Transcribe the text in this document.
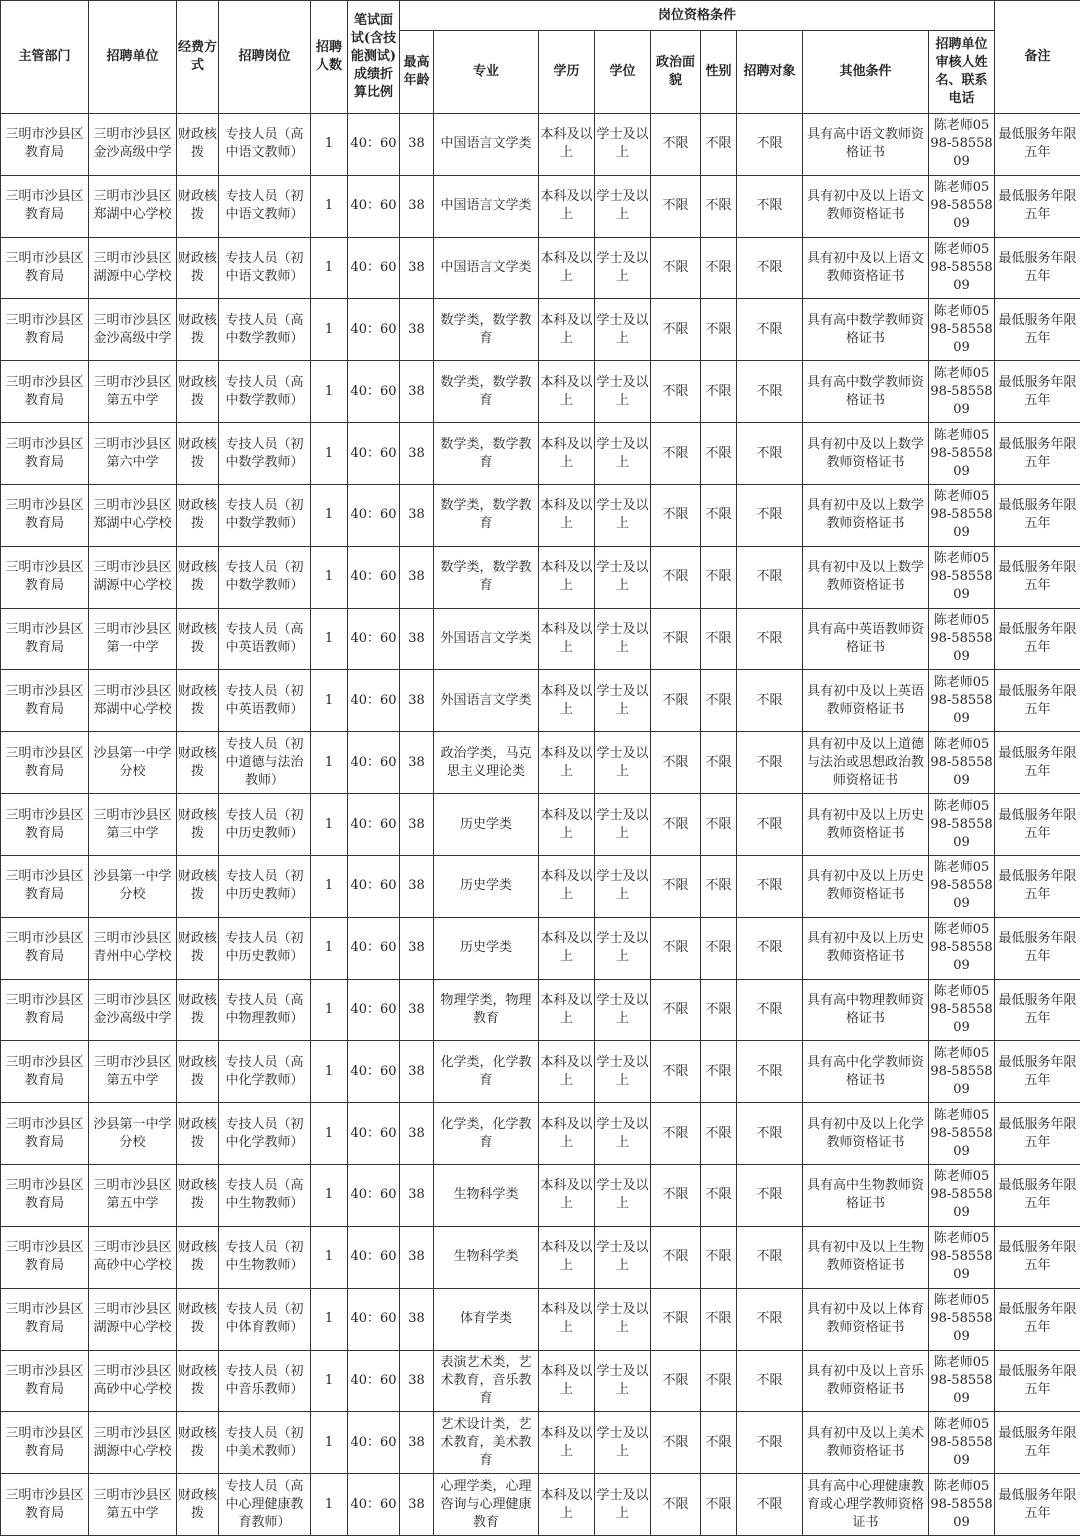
主管部门	招聘单位	经费方式	招聘岗位	招聘人数	笔试面试(含技能测试)成绩折算比例	岗位资格条件									备注
						最高年龄	专业	学历	学位	政治面貌	性别	招聘对象	其他条件	招聘单位审核人姓名、联系电话	
三明市沙县区教育局	三明市沙县区金沙高级中学	财政核拨	专技人员（高中语文教师）	1	40：60	38	中国语言文学类	本科及以上	学士及以上	不限	不限	不限	具有高中语文教师资格证书	陈老师0598-5855809	最低服务年限五年
三明市沙县区教育局	三明市沙县区郑湖中心学校	财政核拨	专技人员（初中语文教师）	1	40：60	38	中国语言文学类	本科及以上	学士及以上	不限	不限	不限	具有初中及以上语文教师资格证书	陈老师0598-5855809	最低服务年限五年
三明市沙县区教育局	三明市沙县区湖源中心学校	财政核拨	专技人员（初中语文教师）	1	40：60	38	中国语言文学类	本科及以上	学士及以上	不限	不限	不限	具有初中及以上语文教师资格证书	陈老师0598-5855809	最低服务年限五年
三明市沙县区教育局	三明市沙县区金沙高级中学	财政核拨	专技人员（高中数学教师）	1	40：60	38	数学类，数学教育	本科及以上	学士及以上	不限	不限	不限	具有高中数学教师资格证书	陈老师0598-5855809	最低服务年限五年
三明市沙县区教育局	三明市沙县区第五中学	财政核拨	专技人员（高中数学教师）	1	40：60	38	数学类，数学教育	本科及以上	学士及以上	不限	不限	不限	具有高中数学教师资格证书	陈老师0598-5855809	最低服务年限五年
三明市沙县区教育局	三明市沙县区第六中学	财政核拨	专技人员（初中数学教师）	1	40：60	38	数学类，数学教育	本科及以上	学士及以上	不限	不限	不限	具有初中及以上数学教师资格证书	陈老师0598-5855809	最低服务年限五年
三明市沙县区教育局	三明市沙县区郑湖中心学校	财政核拨	专技人员（初中数学教师）	1	40：60	38	数学类，数学教育	本科及以上	学士及以上	不限	不限	不限	具有初中及以上数学教师资格证书	陈老师0598-5855809	最低服务年限五年
三明市沙县区教育局	三明市沙县区湖源中心学校	财政核拨	专技人员（初中数学教师）	1	40：60	38	数学类，数学教育	本科及以上	学士及以上	不限	不限	不限	具有初中及以上数学教师资格证书	陈老师0598-5855809	最低服务年限五年
三明市沙县区教育局	三明市沙县区第一中学	财政核拨	专技人员（高中英语教师）	1	40：60	38	外国语言文学类	本科及以上	学士及以上	不限	不限	不限	具有高中英语教师资格证书	陈老师0598-5855809	最低服务年限五年
三明市沙县区教育局	三明市沙县区郑湖中心学校	财政核拨	专技人员（初中英语教师）	1	40：60	38	外国语言文学类	本科及以上	学士及以上	不限	不限	不限	具有初中及以上英语教师资格证书	陈老师0598-5855809	最低服务年限五年
三明市沙县区教育局	沙县第一中学分校	财政核拨	专技人员（初中道德与法治教师）	1	40：60	38	政治学类，马克思主义理论类	本科及以上	学士及以上	不限	不限	不限	具有初中及以上道德与法治或思想政治教师资格证书	陈老师0598-5855809	最低服务年限五年
三明市沙县区教育局	三明市沙县区第三中学	财政核拨	专技人员（初中历史教师）	1	40：60	38	历史学类	本科及以上	学士及以上	不限	不限	不限	具有初中及以上历史教师资格证书	陈老师0598-5855809	最低服务年限五年
三明市沙县区教育局	沙县第一中学分校	财政核拨	专技人员（初中历史教师）	1	40：60	38	历史学类	本科及以上	学士及以上	不限	不限	不限	具有初中及以上历史教师资格证书	陈老师0598-5855809	最低服务年限五年
三明市沙县区教育局	三明市沙县区青州中心学校	财政核拨	专技人员（初中历史教师）	1	40：60	38	历史学类	本科及以上	学士及以上	不限	不限	不限	具有初中及以上历史教师资格证书	陈老师0598-5855809	最低服务年限五年
三明市沙县区教育局	三明市沙县区金沙高级中学	财政核拨	专技人员（高中物理教师）	1	40：60	38	物理学类，物理教育	本科及以上	学士及以上	不限	不限	不限	具有高中物理教师资格证书	陈老师0598-5855809	最低服务年限五年
三明市沙县区教育局	三明市沙县区第五中学	财政核拨	专技人员（高中化学教师）	1	40：60	38	化学类，化学教育	本科及以上	学士及以上	不限	不限	不限	具有高中化学教师资格证书	陈老师0598-5855809	最低服务年限五年
三明市沙县区教育局	沙县第一中学分校	财政核拨	专技人员（初中化学教师）	1	40：60	38	化学类，化学教育	本科及以上	学士及以上	不限	不限	不限	具有初中及以上化学教师资格证书	陈老师0598-5855809	最低服务年限五年
三明市沙县区教育局	三明市沙县区第五中学	财政核拨	专技人员（高中生物教师）	1	40：60	38	生物科学类	本科及以上	学士及以上	不限	不限	不限	具有高中生物教师资格证书	陈老师0598-5855809	最低服务年限五年
三明市沙县区教育局	三明市沙县区高砂中心学校	财政核拨	专技人员（初中生物教师）	1	40：60	38	生物科学类	本科及以上	学士及以上	不限	不限	不限	具有初中及以上生物教师资格证书	陈老师0598-5855809	最低服务年限五年
三明市沙县区教育局	三明市沙县区湖源中心学校	财政核拨	专技人员（初中体育教师）	1	40：60	38	体育学类	本科及以上	学士及以上	不限	不限	不限	具有初中及以上体育教师资格证书	陈老师0598-5855809	最低服务年限五年
三明市沙县区教育局	三明市沙县区高砂中心学校	财政核拨	专技人员（初中音乐教师）	1	40：60	38	表演艺术类，艺术教育，音乐教育	本科及以上	学士及以上	不限	不限	不限	具有初中及以上音乐教师资格证书	陈老师0598-5855809	最低服务年限五年
三明市沙县区教育局	三明市沙县区湖源中心学校	财政核拨	专技人员（初中美术教师）	1	40：60	38	艺术设计类，艺术教育，美术教育	本科及以上	学士及以上	不限	不限	不限	具有初中及以上美术教师资格证书	陈老师0598-5855809	最低服务年限五年
三明市沙县区教育局	三明市沙县区第五中学	财政核拨	专技人员（高中心理健康教育教师）	1	40：60	38	心理学类，心理咨询与心理健康教育	本科及以上	学士及以上	不限	不限	不限	具有高中心理健康教育或心理学教师资格证书	陈老师0598-5855809	最低服务年限五年
